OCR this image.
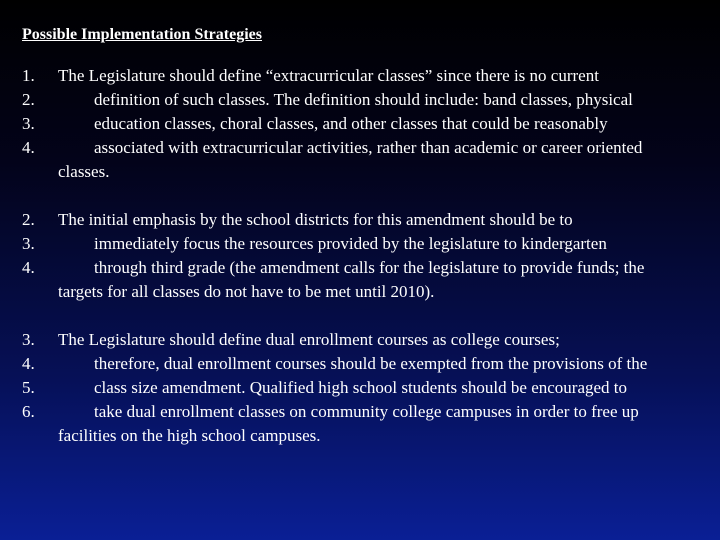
Possible Implementation Strategies
1.
2.
3.
4.
The Legislature should define “extracurricular classes” since there is no current
definition of such classes. The definition should include: band classes, physical
education classes, choral classes, and other classes that could be reasonably
associated with extracurricular activities, rather than academic or career oriented
classes.
2.
3.
4.
The initial emphasis by the school districts for this amendment should be to
immediately focus the resources provided by the legislature to kindergarten
through third grade (the amendment calls for the legislature to provide funds; the
targets for all classes do not have to be met until 2010).
3.
4.
5.
6.
The Legislature should define dual enrollment courses as college courses;
therefore, dual enrollment courses should be exempted from the provisions of the
class size amendment. Qualified high school students should be encouraged to
take dual enrollment classes on community college campuses in order to free up
facilities on the high school campuses.
